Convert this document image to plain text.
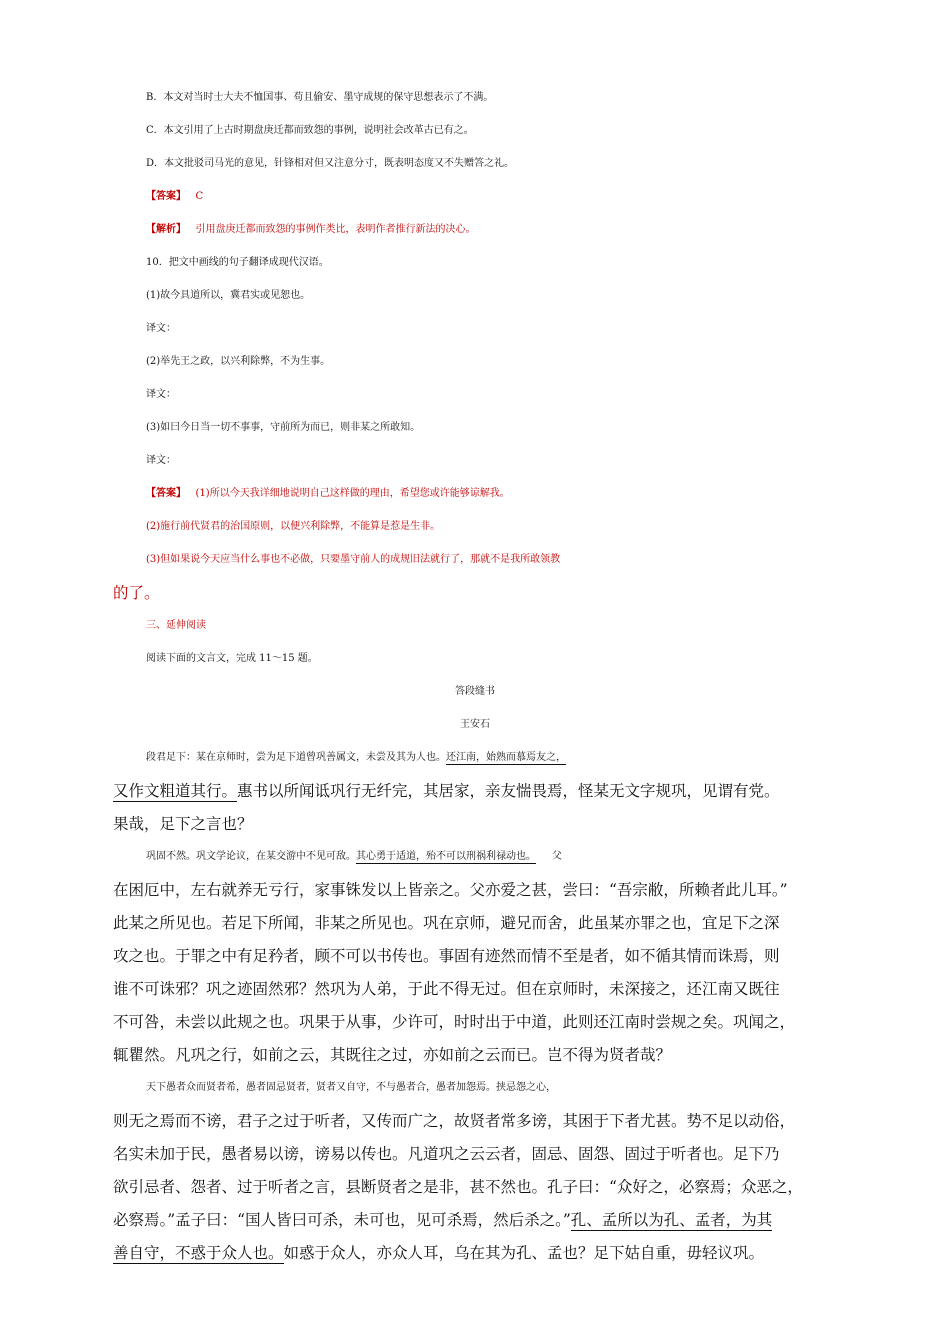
B．本文对当时士大夫不恤国事、苟且偷安、墨守成规的保守思想表示了不满。
C．本文引用了上古时期盘庚迁都而致怨的事例，说明社会改革古已有之。
D．本文批驳司马光的意见，针锋相对但又注意分寸，既表明态度又不失赠答之礼。
【答案】 C
【解析】 引用盘庚迁都而致怨的事例作类比，表明作者推行新法的决心。
10．把文中画线的句子翻译成现代汉语。
(1)故今具道所以，冀君实或见恕也。
译文：
(2)举先王之政，以兴利除弊，不为生事。
译文：
(3)如曰今日当一切不事事，守前所为而已，则非某之所敢知。
译文：
【答案】 (1)所以今天我详细地说明自己这样做的理由，希望您或许能够谅解我。
(2)施行前代贤君的治国原则，以便兴利除弊，不能算是惹是生非。
(3)但如果说今天应当什么事也不必做，只要墨守前人的成规旧法就行了，那就不是我所敢领教
的了。
三、延伸阅读
阅读下面的文言文，完成 11～15 题。
答段缝书
王安石
段君足下：某在京师时，尝为足下道曾巩善属文，未尝及其为人也。还江南，始熟而慕焉友之，
又作文粗道其行。惠书以所闻诋巩行无纤完，其居家，亲友惴畏焉，怪某无文字规巩，见谓有党。
果哉，足下之言也？
巩固不然。巩文学论议，在某交游中不见可敌。其心勇于适道，殆不可以刑祸利禄动也。 父
在困厄中，左右就养无亏行，家事铢发以上皆亲之。父亦爱之甚，尝曰：“吾宗敝，所赖者此儿耳。”
此某之所见也。若足下所闻，非某之所见也。巩在京师，避兄而舍，此虽某亦罪之也，宜足下之深
攻之也。于罪之中有足矜者，顾不可以书传也。事固有迹然而情不至是者，如不循其情而诛焉，则
谁不可诛邪？巩之迹固然邪？然巩为人弟，于此不得无过。但在京师时，未深接之，还江南又既往
不可咎，未尝以此规之也。巩果于从事，少许可，时时出于中道，此则还江南时尝规之矣。巩闻之，
辄瞿然。凡巩之行，如前之云，其既往之过，亦如前之云而已。岂不得为贤者哉？
天下愚者众而贤者希，愚者固忌贤者，贤者又自守，不与愚者合，愚者加怨焉。挟忌怨之心，
则无之焉而不谤，君子之过于听者，又传而广之，故贤者常多谤，其困于下者尤甚。势不足以动俗，
名实未加于民，愚者易以谤，谤易以传也。凡道巩之云云者，固忌、固怨、固过于听者也。足下乃
欲引忌者、怨者、过于听者之言，县断贤者之是非，甚不然也。孔子曰：“众好之，必察焉；众恶之，
必察焉。”孟子曰：“国人皆曰可杀，未可也，见可杀焉，然后杀之。”孔、孟所以为孔、孟者，为其
善自守，不惑于众人也。如惑于众人，亦众人耳，乌在其为孔、孟也？足下姑自重，毋轻议巩。
